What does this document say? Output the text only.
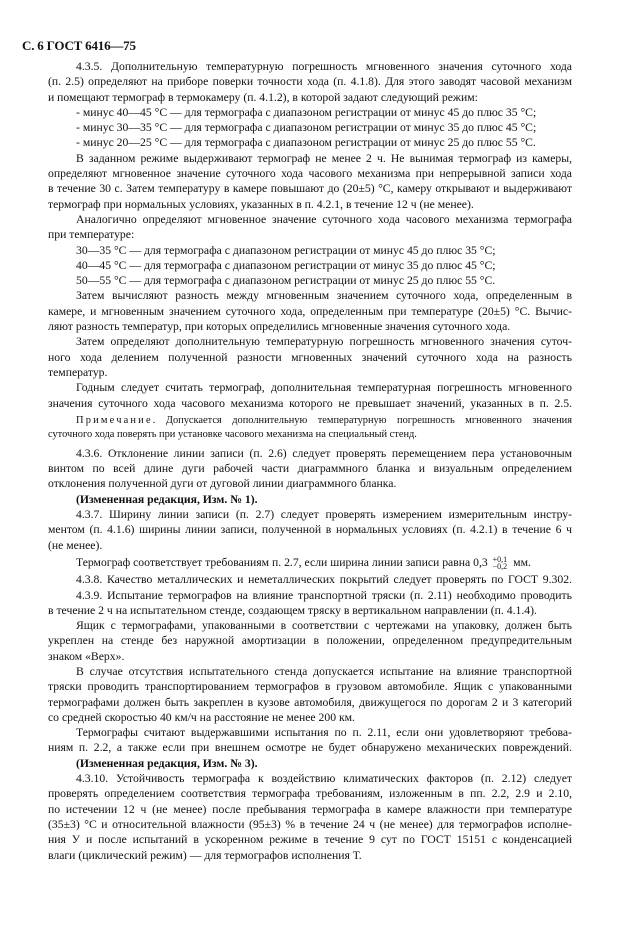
С. 6 ГОСТ 6416—75
4.3.5. Дополнительную температурную погрешность мгновенного значения суточного хода
(п. 2.5) определяют на приборе поверки точности хода (п. 4.1.8). Для этого заводят часовой механизм
и помещают термограф в термокамеру (п. 4.1.2), в которой задают следующий режим:
- минус 40—45 °С — для термографа с диапазоном регистрации от минус 45 до плюс 35 °С;
- минус 30—35 °С — для термографа с диапазоном регистрации от минус 35 до плюс 45 °С;
- минус 20—25 °С — для термографа с диапазоном регистрации от минус 25 до плюс 55 °С.
В заданном режиме выдерживают термограф не менее 2 ч. Не вынимая термограф из камеры,
определяют мгновенное значение суточного хода часового механизма при непрерывной записи хода
в течение 30 с. Затем температуру в камере повышают до (20±5) °С, камеру открывают и выдерживают
термограф при нормальных условиях, указанных в п. 4.2.1, в течение 12 ч (не менее).
Аналогично определяют мгновенное значение суточного хода часового механизма термографа
при температуре:
30—35 °С — для термографа с диапазоном регистрации от минус 45 до плюс 35 °С;
40—45 °С — для термографа с диапазоном регистрации от минус 35 до плюс 45 °С;
50—55 °С — для термографа с диапазоном регистрации от минус 25 до плюс 55 °С.
Затем вычисляют разность между мгновенным значением суточного хода, определенным в
камере, и мгновенным значением суточного хода, определенным при температуре (20±5) °С. Вычис-
ляют разность температур, при которых определились мгновенные значения суточного хода.
Затем определяют дополнительную температурную погрешность мгновенного значения суточ-
ного хода делением полученной разности мгновенных значений суточного хода на разность
температур.
Годным следует считать термограф, дополнительная температурная погрешность мгновенного
значения суточного хода часового механизма которого не превышает значений, указанных в п. 2.5.
Примечание. Допускается дополнительную температурную погрешность мгновенного значения
суточного хода поверять при установке часового механизма на специальный стенд.
4.3.6. Отклонение линии записи (п. 2.6) следует проверять перемещением пера установочным
винтом по всей длине дуги рабочей части диаграммного бланка и визуальным определением
отклонения полученной дуги от дуговой линии диаграммного бланка.
(Измененная редакция, Изм. № 1).
4.3.7. Ширину линии записи (п. 2.7) следует проверять измерением измерительным инстру-
ментом (п. 4.1.6) ширины линии записи, полученной в нормальных условиях (п. 4.2.1) в течение 6 ч
(не менее).
Термограф соответствует требованиям п. 2.7, если ширина линии записи равна 0,3 +0,1
−0,2 мм.
4.3.8. Качество металлических и неметаллических покрытий следует проверять по ГОСТ 9.302.
4.3.9. Испытание термографов на влияние транспортной тряски (п. 2.11) необходимо проводить
в течение 2 ч на испытательном стенде, создающем тряску в вертикальном направлении (п. 4.1.4).
Ящик с термографами, упакованными в соответствии с чертежами на упаковку, должен быть
укреплен на стенде без наружной амортизации в положении, определенном предупредительным
знаком «Верх».
В случае отсутствия испытательного стенда допускается испытание на влияние транспортной
тряски проводить транспортированием термографов в грузовом автомобиле. Ящик с упакованными
термографами должен быть закреплен в кузове автомобиля, движущегося по дорогам 2 и 3 категорий
со средней скоростью 40 км/ч на расстояние не менее 200 км.
Термографы считают выдержавшими испытания по п. 2.11, если они удовлетворяют требова-
ниям п. 2.2, а также если при внешнем осмотре не будет обнаружено механических повреждений.
(Измененная редакция, Изм. № 3).
4.3.10. Устойчивость термографа к воздействию климатических факторов (п. 2.12) следует
проверять определением соответствия термографа требованиям, изложенным в пп. 2.2, 2.9 и 2.10,
по истечении 12 ч (не менее) после пребывания термографа в камере влажности при температуре
(35±3) °С и относительной влажности (95±3) % в течение 24 ч (не менее) для термографов исполне-
ния У и после испытаний в ускоренном режиме в течение 9 сут по ГОСТ 15151 с конденсацией
влаги (циклический режим) — для термографов исполнения Т.
